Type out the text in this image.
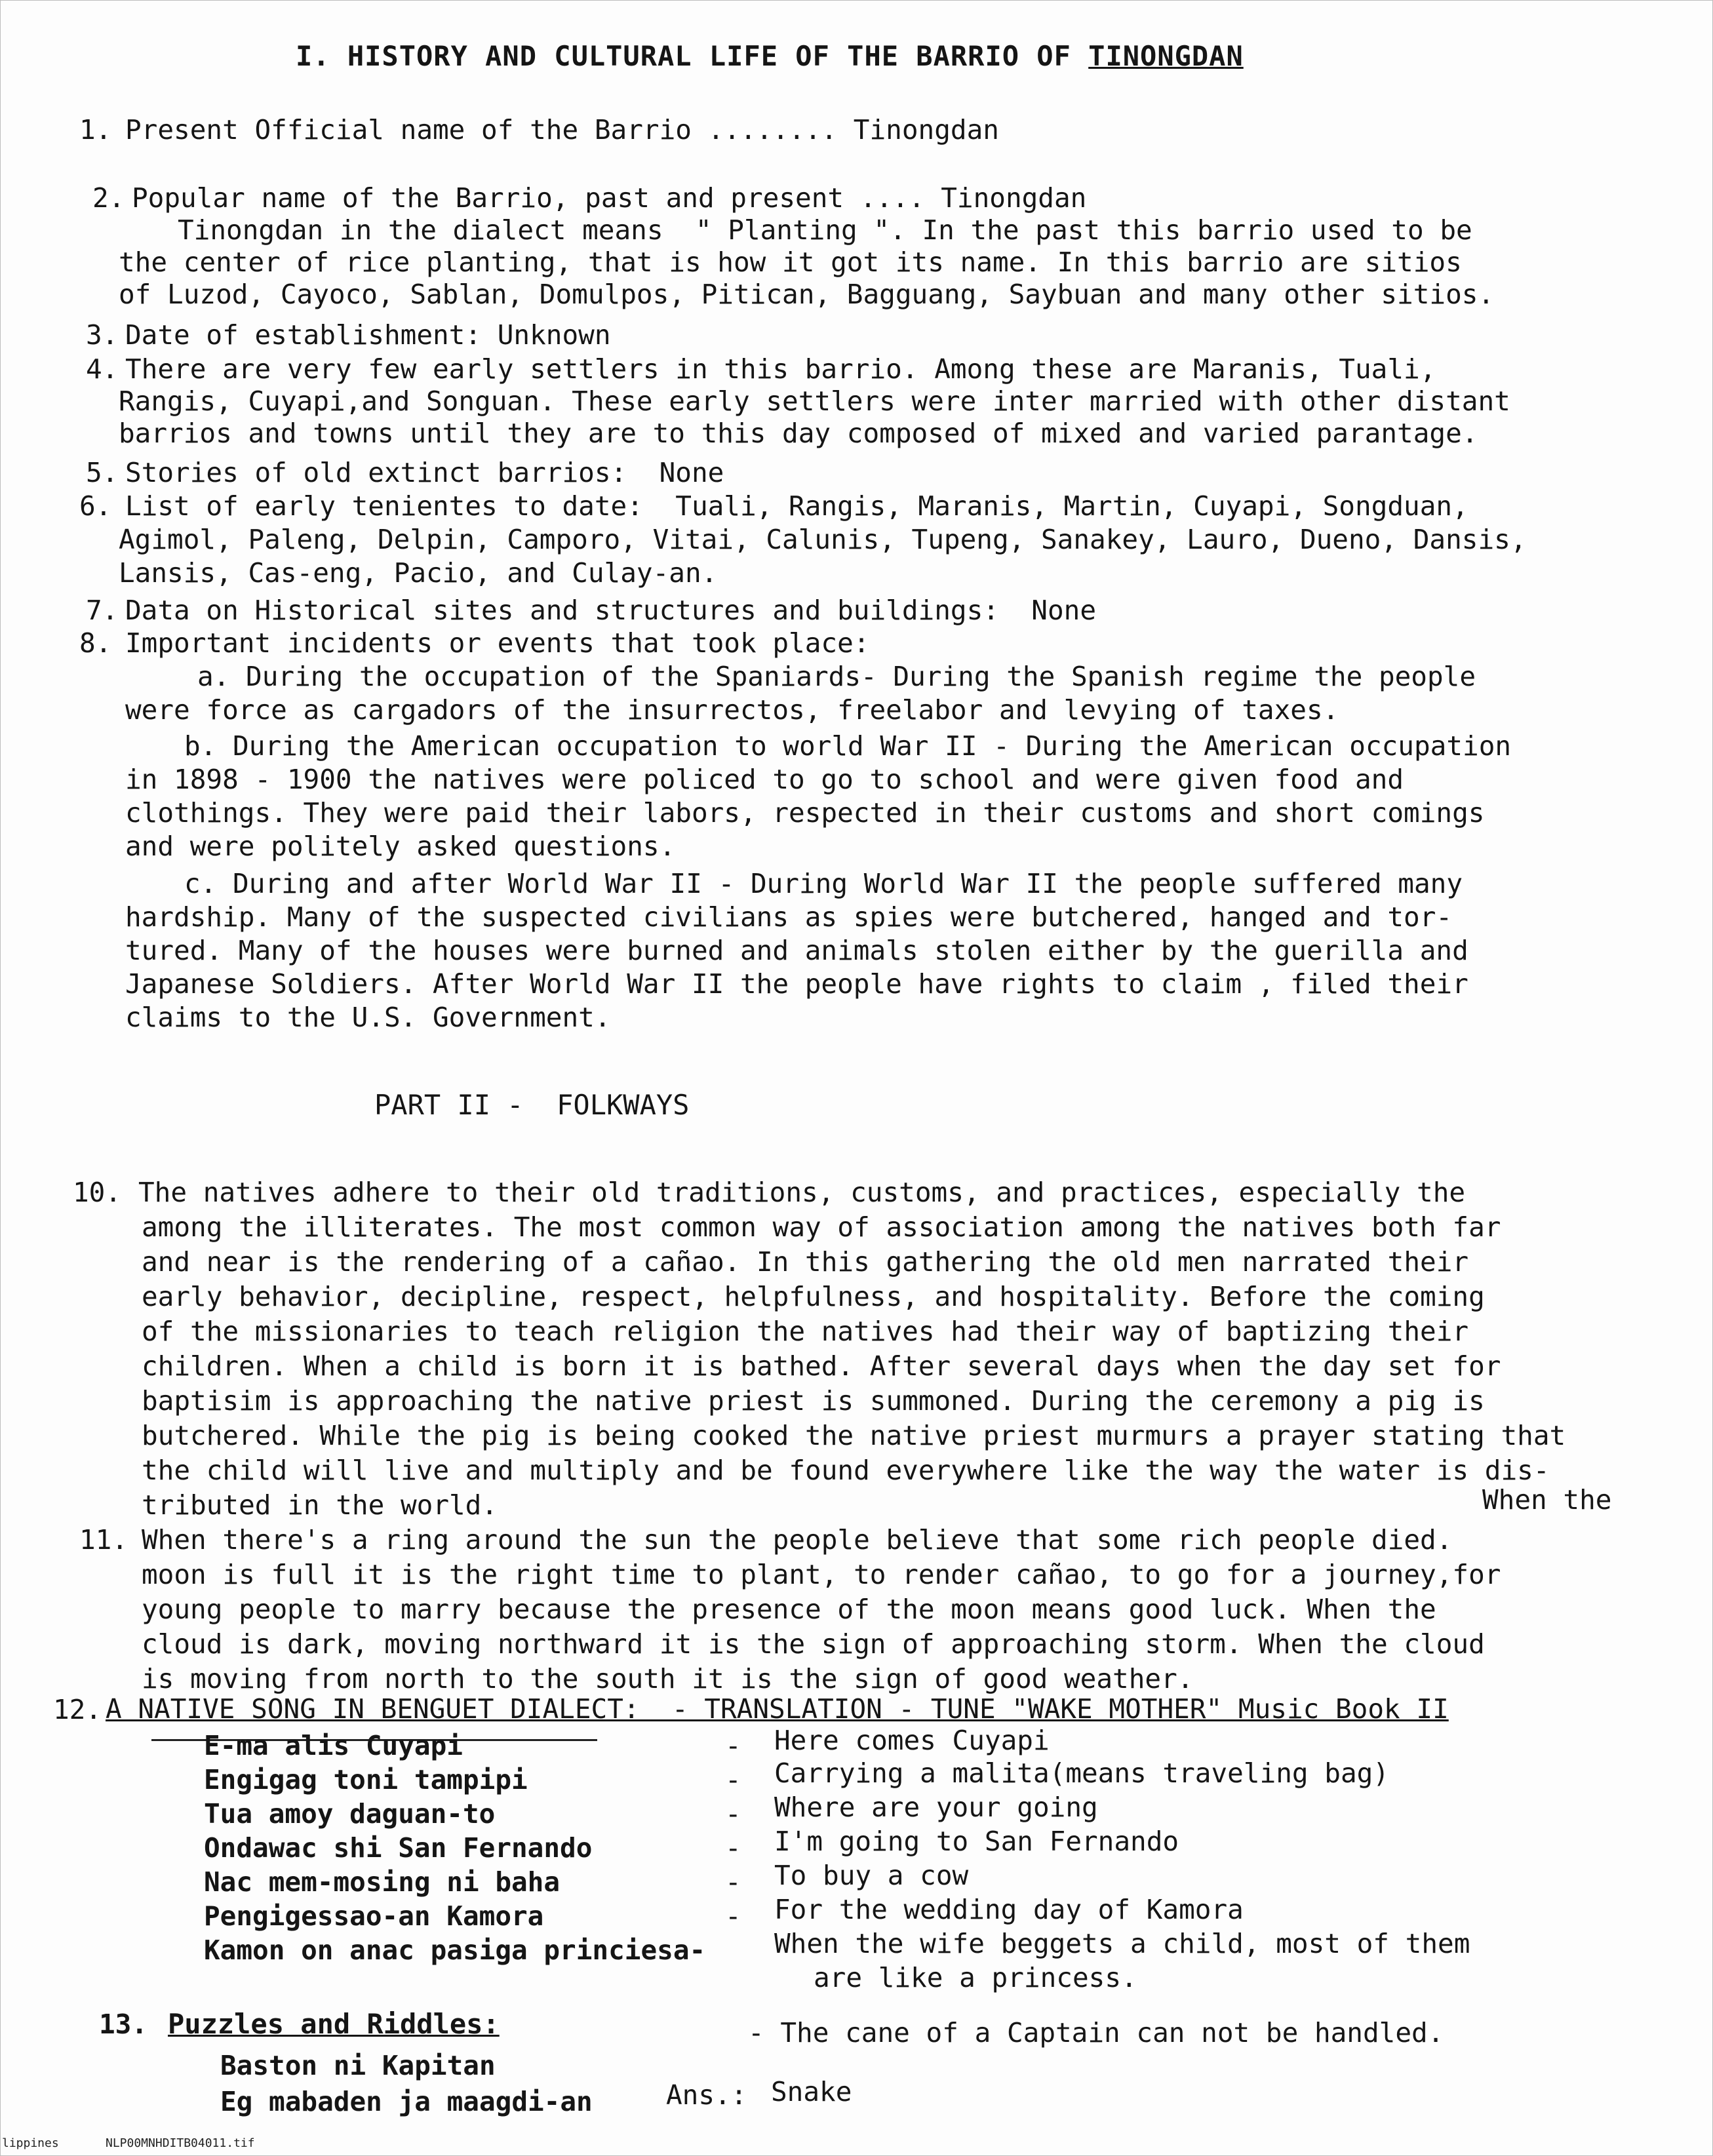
I. HISTORY AND CULTURAL LIFE OF THE BARRIO OF TINONGDAN
1. Present Official name of the Barrio ........ Tinongdan
2. Popular name of the Barrio, past and present .... Tinongdan
Tinongdan in the dialect means  " Planting ". In the past this barrio used to be
the center of rice planting, that is how it got its name. In this barrio are sitios
of Luzod, Cayoco, Sablan, Domulpos, Pitican, Bagguang, Saybuan and many other sitios.
3. Date of establishment: Unknown
4. There are very few early settlers in this barrio. Among these are Maranis, Tuali,
Rangis, Cuyapi,and Songuan. These early settlers were inter married with other distant
barrios and towns until they are to this day composed of mixed and varied parantage.
5. Stories of old extinct barrios:  None
6. List of early tenientes to date:  Tuali, Rangis, Maranis, Martin, Cuyapi, Songduan,
Agimol, Paleng, Delpin, Camporo, Vitai, Calunis, Tupeng, Sanakey, Lauro, Dueno, Dansis,
Lansis, Cas-eng, Pacio, and Culay-an.
7. Data on Historical sites and structures and buildings:  None
8. Important incidents or events that took place:
a. During the occupation of the Spaniards- During the Spanish regime the people
were force as cargadors of the insurrectos, freelabor and levying of taxes.
b. During the American occupation to world War II - During the American occupation
in 1898 - 1900 the natives were policed to go to school and were given food and
clothings. They were paid their labors, respected in their customs and short comings
and were politely asked questions.
c. During and after World War II - During World War II the people suffered many
hardship. Many of the suspected civilians as spies were butchered, hanged and tor-
tured. Many of the houses were burned and animals stolen either by the guerilla and
Japanese Soldiers. After World War II the people have rights to claim , filed their
claims to the U.S. Government.
PART II -  FOLKWAYS
10. The natives adhere to their old traditions, customs, and practices, especially the
among the illiterates. The most common way of association among the natives both far
and near is the rendering of a cañao. In this gathering the old men narrated their
early behavior, decipline, respect, helpfulness, and hospitality. Before the coming
of the missionaries to teach religion the natives had their way of baptizing their
children. When a child is born it is bathed. After several days when the day set for
baptisim is approaching the native priest is summoned. During the ceremony a pig is
butchered. While the pig is being cooked the native priest murmurs a prayer stating that
the child will live and multiply and be found everywhere like the way the water is dis-
tributed in the world.	When the
11. When there's a ring around the sun the people believe that some rich people died.
moon is full it is the right time to plant, to render cañao, to go for a journey,for
young people to marry because the presence of the moon means good luck. When the
cloud is dark, moving northward it is the sign of approaching storm. When the cloud
is moving from north to the south it is the sign of good weather.
12. A NATIVE SONG IN BENGUET DIALECT:  - TRANSLATION - TUNE "WAKE MOTHER" Music Book II
E-ma alis Cuyapi	- Here comes Cuyapi
Engigag toni tampipi	- Carrying a malita(means traveling bag)
Tua amoy daguan-to	- Where are your going
Ondawac shi San Fernando	- I'm going to San Fernando
Nac mem-mosing ni baha	- To buy a cow
Pengigessao-an Kamora	- For the wedding day of Kamora
Kamon on anac pasiga princiesa-	When the wife beggets a child, most of them
are like a princess.
13. Puzzles and Riddles:	- The cane of a Captain can not be handled.
Baston ni Kapitan
Eg mabaden ja maagdi-an	Ans.: Snake
lippines	NLP00MNHDITB04011.tif
